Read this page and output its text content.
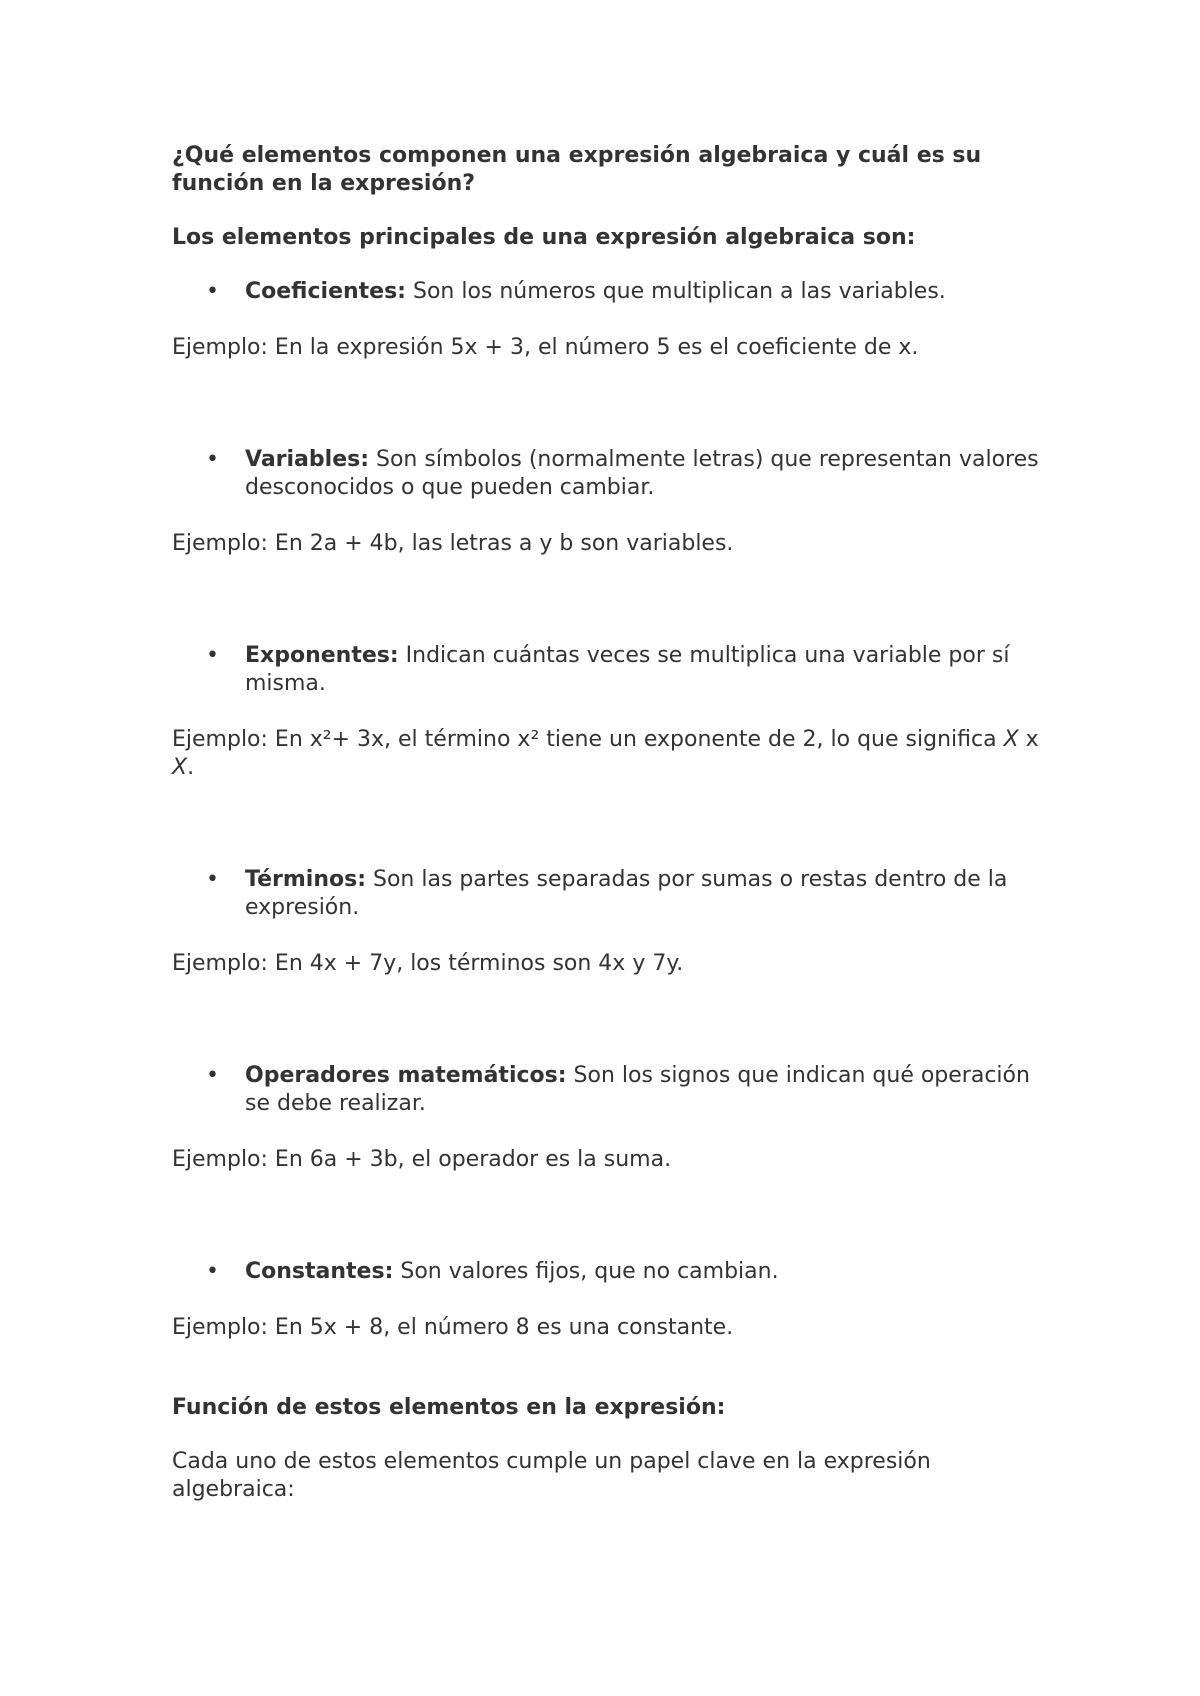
¿Qué elementos componen una expresión algebraica y cuál es su función en la expresión?

Los elementos principales de una expresión algebraica son:

• Coeficientes: Son los números que multiplican a las variables.

Ejemplo: En la expresión 5x + 3, el número 5 es el coeficiente de x.

• Variables: Son símbolos (normalmente letras) que representan valores desconocidos o que pueden cambiar.

Ejemplo: En 2a + 4b, las letras a y b son variables.

• Exponentes: Indican cuántas veces se multiplica una variable por sí misma.

Ejemplo: En x²+ 3x, el término x² tiene un exponente de 2, lo que significa X x X.

• Términos: Son las partes separadas por sumas o restas dentro de la expresión.

Ejemplo: En 4x + 7y, los términos son 4x y 7y.

• Operadores matemáticos: Son los signos que indican qué operación se debe realizar.

Ejemplo: En 6a + 3b, el operador es la suma.

• Constantes: Son valores fijos, que no cambian.

Ejemplo: En 5x + 8, el número 8 es una constante.

Función de estos elementos en la expresión:

Cada uno de estos elementos cumple un papel clave en la expresión algebraica:
